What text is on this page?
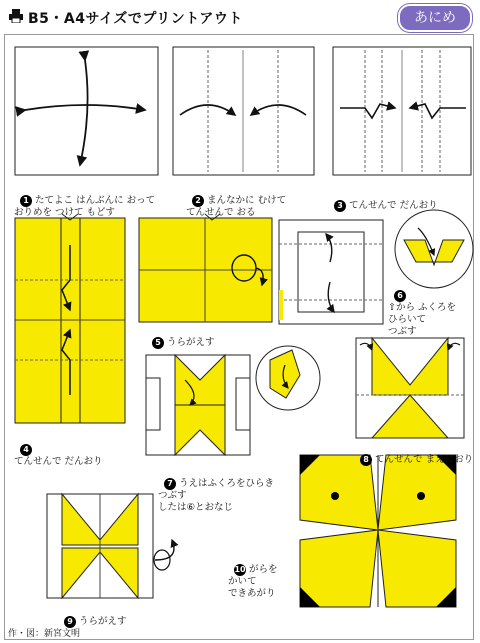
B5・A4サイズでプリントアウト	あにめ

1 たてよこ はんぶんに おって
おりめを つけて もどす

2 まんなかに むけて
てんせんで おる

3 てんせんで だんおり

4
てんせんで だんおり

5 うらがえす

6
⇧から ふくろを
ひらいて
つぶす

7 うえはふくろをひらき
つぶす
したは⑥とおなじ

8 てんせんで まえにおり

9 うらがえす

10 がらを
かいて
できあがり

作・図：新宮文明
